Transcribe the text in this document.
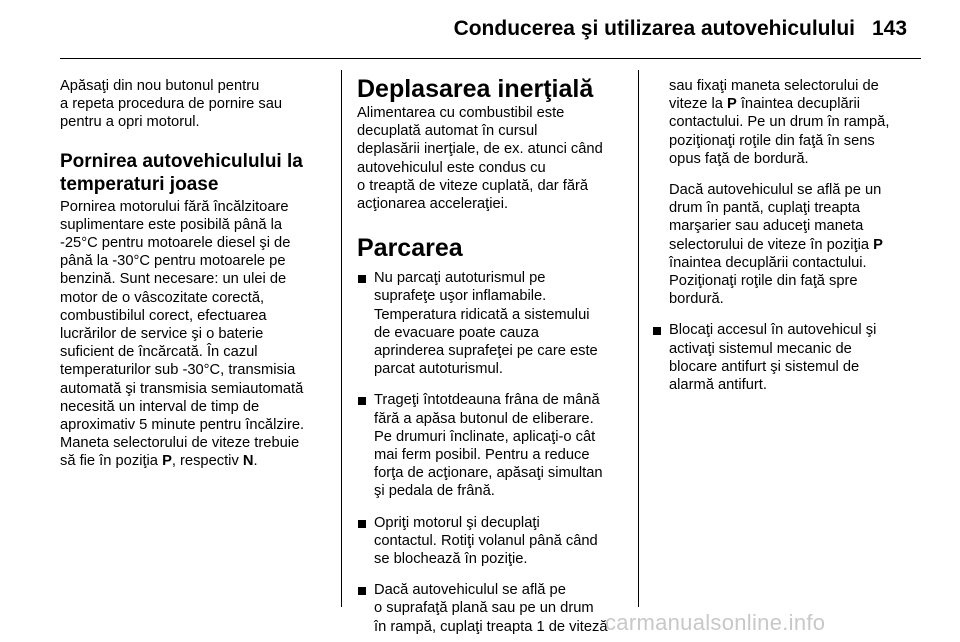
Conducerea şi utilizarea autovehiculului 143

Apăsaţi din nou butonul pentru
a repeta procedura de pornire sau
pentru a opri motorul.

Pornirea autovehiculului la
temperaturi joase

Pornirea motorului fără încălzitoare
suplimentare este posibilă până la
-25°C pentru motoarele diesel şi de
până la -30°C pentru motoarele pe
benzină. Sunt necesare: un ulei de
motor de o vâscozitate corectă,
combustibilul corect, efectuarea
lucrărilor de service şi o baterie
suficient de încărcată. În cazul
temperaturilor sub -30°C, transmisia
automată şi transmisia semiautomată
necesită un interval de timp de
aproximativ 5 minute pentru încălzire.
Maneta selectorului de viteze trebuie
să fie în poziţia P, respectiv N.

Deplasarea inerţială

Alimentarea cu combustibil este
decuplată automat în cursul
deplasării inerţiale, de ex. atunci când
autovehiculul este condus cu
o treaptă de viteze cuplată, dar fără
acţionarea acceleraţiei.

Parcarea
Nu parcaţi autoturismul pe
suprafeţe uşor inflamabile.
Temperatura ridicată a sistemului
de evacuare poate cauza
aprinderea suprafeţei pe care este
parcat autoturismul.
Trageţi întotdeauna frâna de mână
fără a apăsa butonul de eliberare.
Pe drumuri înclinate, aplicaţi-o cât
mai ferm posibil. Pentru a reduce
forţa de acţionare, apăsaţi simultan
şi pedala de frână.
Opriţi motorul şi decuplaţi
contactul. Rotiţi volanul până când
se blochează în poziţie.
Dacă autovehiculul se află pe
o suprafaţă plană sau pe un drum
în rampă, cuplaţi treapta 1 de viteză
sau fixaţi maneta selectorului de
viteze la P înaintea decuplării
contactului. Pe un drum în rampă,
poziţionaţi roţile din faţă în sens
opus faţă de bordură.
Dacă autovehiculul se află pe un
drum în pantă, cuplaţi treapta
marşarier sau aduceţi maneta
selectorului de viteze în poziţia P
înaintea decuplării contactului.
Poziţionaţi roţile din faţă spre
bordură.
Blocaţi accesul în autovehicul şi
activaţi sistemul mecanic de
blocare antifurt şi sistemul de
alarmă antifurt.
carmanualsonline.info
